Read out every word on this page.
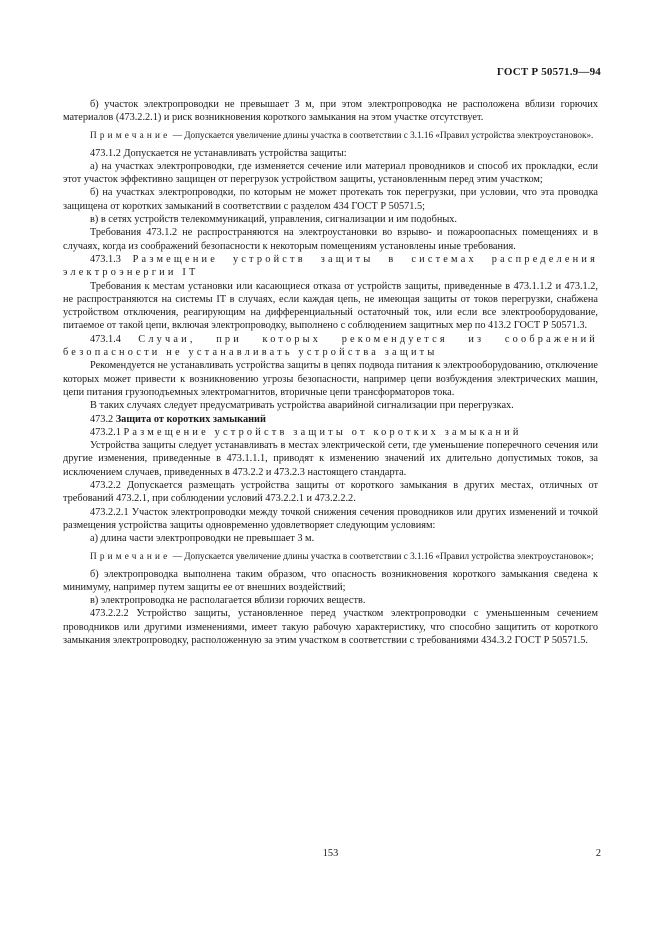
ГОСТ Р 50571.9—94

б) участок электропроводки не превышает 3 м, при этом электропроводка не расположена вблизи горючих материалов (473.2.2.1) и риск возникновения короткого замыкания на этом участке отсутствует.

Примечание — Допускается увеличение длины участка в соответствии с 3.1.16 «Правил устройства электроустановок».

473.1.2 Допускается не устанавливать устройства защиты:

а) на участках электропроводки, где изменяется сечение или материал проводников и способ их прокладки, если этот участок эффективно защищен от перегрузок устройством защиты, установленным перед этим участком;

б) на участках электропроводки, по которым не может протекать ток перегрузки, при условии, что эта проводка защищена от коротких замыканий в соответствии с разделом 434 ГОСТ Р 50571.5;

в) в сетях устройств телекоммуникаций, управления, сигнализации и им подобных.

Требования 473.1.2 не распространяются на электроустановки во взрыво- и пожароопасных помещениях и в случаях, когда из соображений безопасности к некоторым помещениям установлены иные требования.

473.1.3 Размещение устройств защиты в системах распределения электроэнергии IT

Требования к местам установки или касающиеся отказа от устройств защиты, приведенные в 473.1.1.2 и 473.1.2, не распространяются на системы IT в случаях, если каждая цепь, не имеющая защиты от токов перегрузки, снабжена устройством отключения, реагирующим на дифференциальный остаточный ток, или если все электрооборудование, питаемое от такой цепи, включая электропроводку, выполнено с соблюдением защитных мер по 413.2 ГОСТ Р 50571.3.

473.1.4 Случаи, при которых рекомендуется из соображений безопасности не устанавливать устройства защиты

Рекомендуется не устанавливать устройства защиты в цепях подвода питания к электрооборудованию, отключение которых может привести к возникновению угрозы безопасности, например цепи возбуждения электрических машин, цепи питания грузоподъемных электромагнитов, вторичные цепи трансформаторов тока.

В таких случаях следует предусматривать устройства аварийной сигнализации при перегрузках.

473.2 Защита от коротких замыканий

473.2.1 Размещение устройств защиты от коротких замыканий

Устройства защиты следует устанавливать в местах электрической сети, где уменьшение поперечного сечения или другие изменения, приведенные в 473.1.1.1, приводят к изменению значений их длительно допустимых токов, за исключением случаев, приведенных в 473.2.2 и 473.2.3 настоящего стандарта.

473.2.2 Допускается размещать устройства защиты от короткого замыкания в других местах, отличных от требований 473.2.1, при соблюдении условий 473.2.2.1 и 473.2.2.2.

473.2.2.1 Участок электропроводки между точкой снижения сечения проводников или других изменений и точкой размещения устройства защиты одновременно удовлетворяет следующим условиям:

а) длина части электропроводки не превышает 3 м.

Примечание — Допускается увеличение длины участка в соответствии с 3.1.16 «Правил устройства электроустановок»;

б) электропроводка выполнена таким образом, что опасность возникновения короткого замыкания сведена к минимуму, например путем защиты ее от внешних воздействий;

в) электропроводка не располагается вблизи горючих веществ.

473.2.2.2 Устройство защиты, установленное перед участком электропроводки с уменьшенным сечением проводников или другими изменениями, имеет такую рабочую характеристику, что способно защитить от короткого замыкания электропроводку, расположенную за этим участком в соответствии с требованиями 434.3.2 ГОСТ Р 50571.5.

153	2
